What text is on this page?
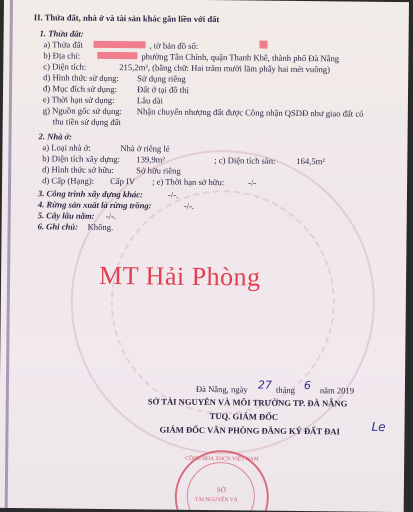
II. Thửa đất, nhà ở và tài sản khác gắn liền với đất
1. Thửa đất:
a) Thửa đất	, tờ bản đồ số:
b) Địa chỉ:	phường Tân Chính, quận Thanh Khê, thành phố Đà Nẵng
c) Diện tích:	215,2m², (bằng chữ: Hai trăm mười lăm phẩy hai mét vuông)
d) Hình thức sử dụng: Sử dụng riêng
đ) Mục đích sử dụng: Đất ở tại đô thị
e) Thời hạn sử dụng:	Lâu dài
g) Nguồn gốc sử dụng: Nhận chuyển nhượng đất được Công nhận QSDĐ như giao đất có
thu tiền sử dụng đất
2. Nhà ở:
a) Loại nhà ở:	Nhà ở riêng lẻ
b) Diện tích xây dựng: 139,9m²	; c) Diện tích sàn: 164,5m²
d) Hình thức sở hữu:	Sở hữu riêng
d) Cấp (Hạng): Cấp IV ; e) Thời hạn sở hữu:	-/-
3. Công trình xây dựng khác:	-/-.
4. Rừng sản xuất là rừng trồng:	-/-.
5. Cây lâu năm: -/-.
6. Ghi chú: Không.
MT Hải Phòng
Đà Nẵng, ngày 27 tháng 6 năm 2019
SỞ TÀI NGUYÊN VÀ MÔI TRƯỜNG TP. ĐÀ NẴNG
TUQ. GIÁM ĐỐC
GIÁM ĐỐC VĂN PHÒNG ĐĂNG KÝ ĐẤT ĐAI	Le
CỘNG HÒA XHCN VIỆT NAM
SỞ
TÀI NGUYÊN VÀ
